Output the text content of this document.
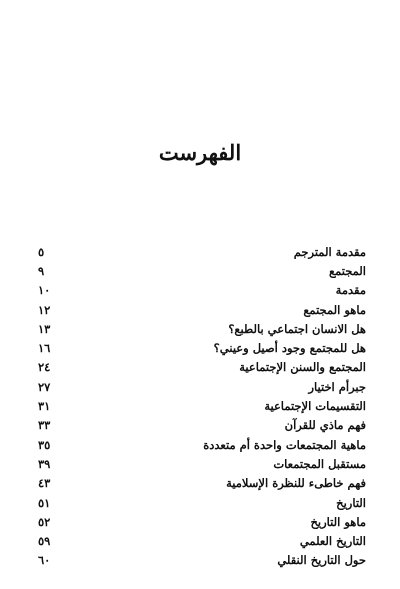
الفهرست
مقدمة المترجم
٥
المجتمع
٩
مقدمة
١٠
ماهو المجتمع
١٢
هل الانسان اجتماعي بالطبع؟
١٣
هل للمجتمع وجود أصيل وعيني؟
١٦
المجتمع والسنن الإجتماعية
٢٤
جبرأم اختيار
٢٧
التقسيمات الإجتماعية
٣١
فهم ماذي للقرآن
٣٣
ماهية المجتمعات واحدة أم متعددة
٣٥
مستقبل المجتمعات
٣٩
فهم خاطىء للنظرة الإسلامية
٤٣
التاريخ
٥١
ماهو التاريخ
٥٢
التاريخ العلمي
٥٩
حول التاريخ النقلي
٦٠
